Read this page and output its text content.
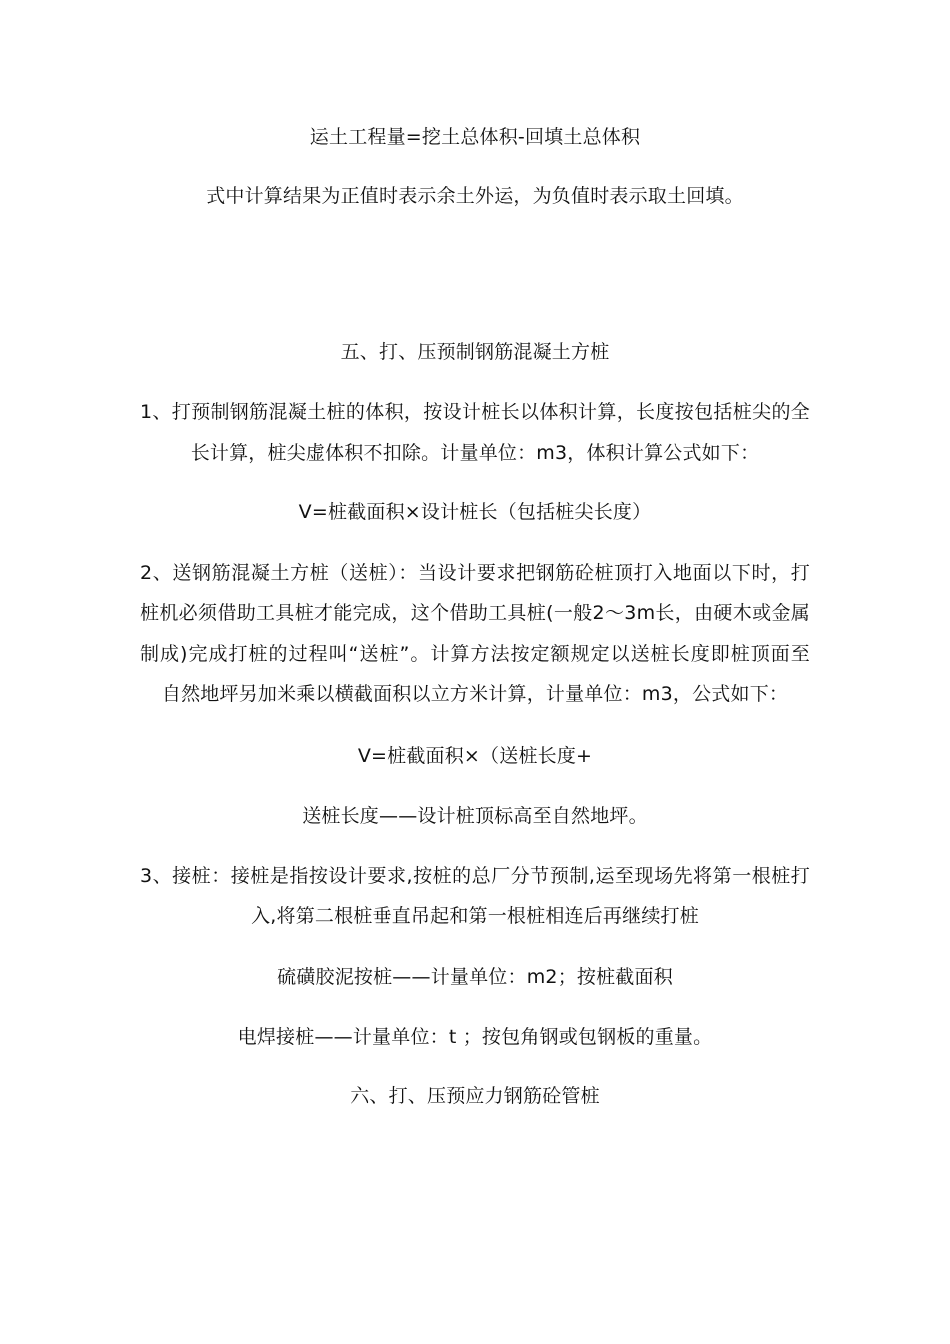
运土工程量=挖土总体积-回填土总体积
式中计算结果为正值时表示余土外运，为负值时表示取土回填。
五、打、压预制钢筋混凝土方桩
1、打预制钢筋混凝土桩的体积，按设计桩长以体积计算，长度按包括桩尖的全
长计算，桩尖虚体积不扣除。计量单位：m3，体积计算公式如下：
V=桩截面积×设计桩长（包括桩尖长度）
2、送钢筋混凝土方桩（送桩）：当设计要求把钢筋砼桩顶打入地面以下时，打
桩机必须借助工具桩才能完成，这个借助工具桩(一般2～3m长，由硬木或金属
制成)完成打桩的过程叫“送桩”。计算方法按定额规定以送桩长度即桩顶面至
自然地坪另加米乘以横截面积以立方米计算，计量单位：m3，公式如下：
V=桩截面积×（送桩长度+
送桩长度——设计桩顶标高至自然地坪。
3、接桩：接桩是指按设计要求,按桩的总厂分节预制,运至现场先将第一根桩打
入,将第二根桩垂直吊起和第一根桩相连后再继续打桩
硫磺胶泥按桩——计量单位：m2；按桩截面积
电焊接桩——计量单位：t ；按包角钢或包钢板的重量。
六、打、压预应力钢筋砼管桩
